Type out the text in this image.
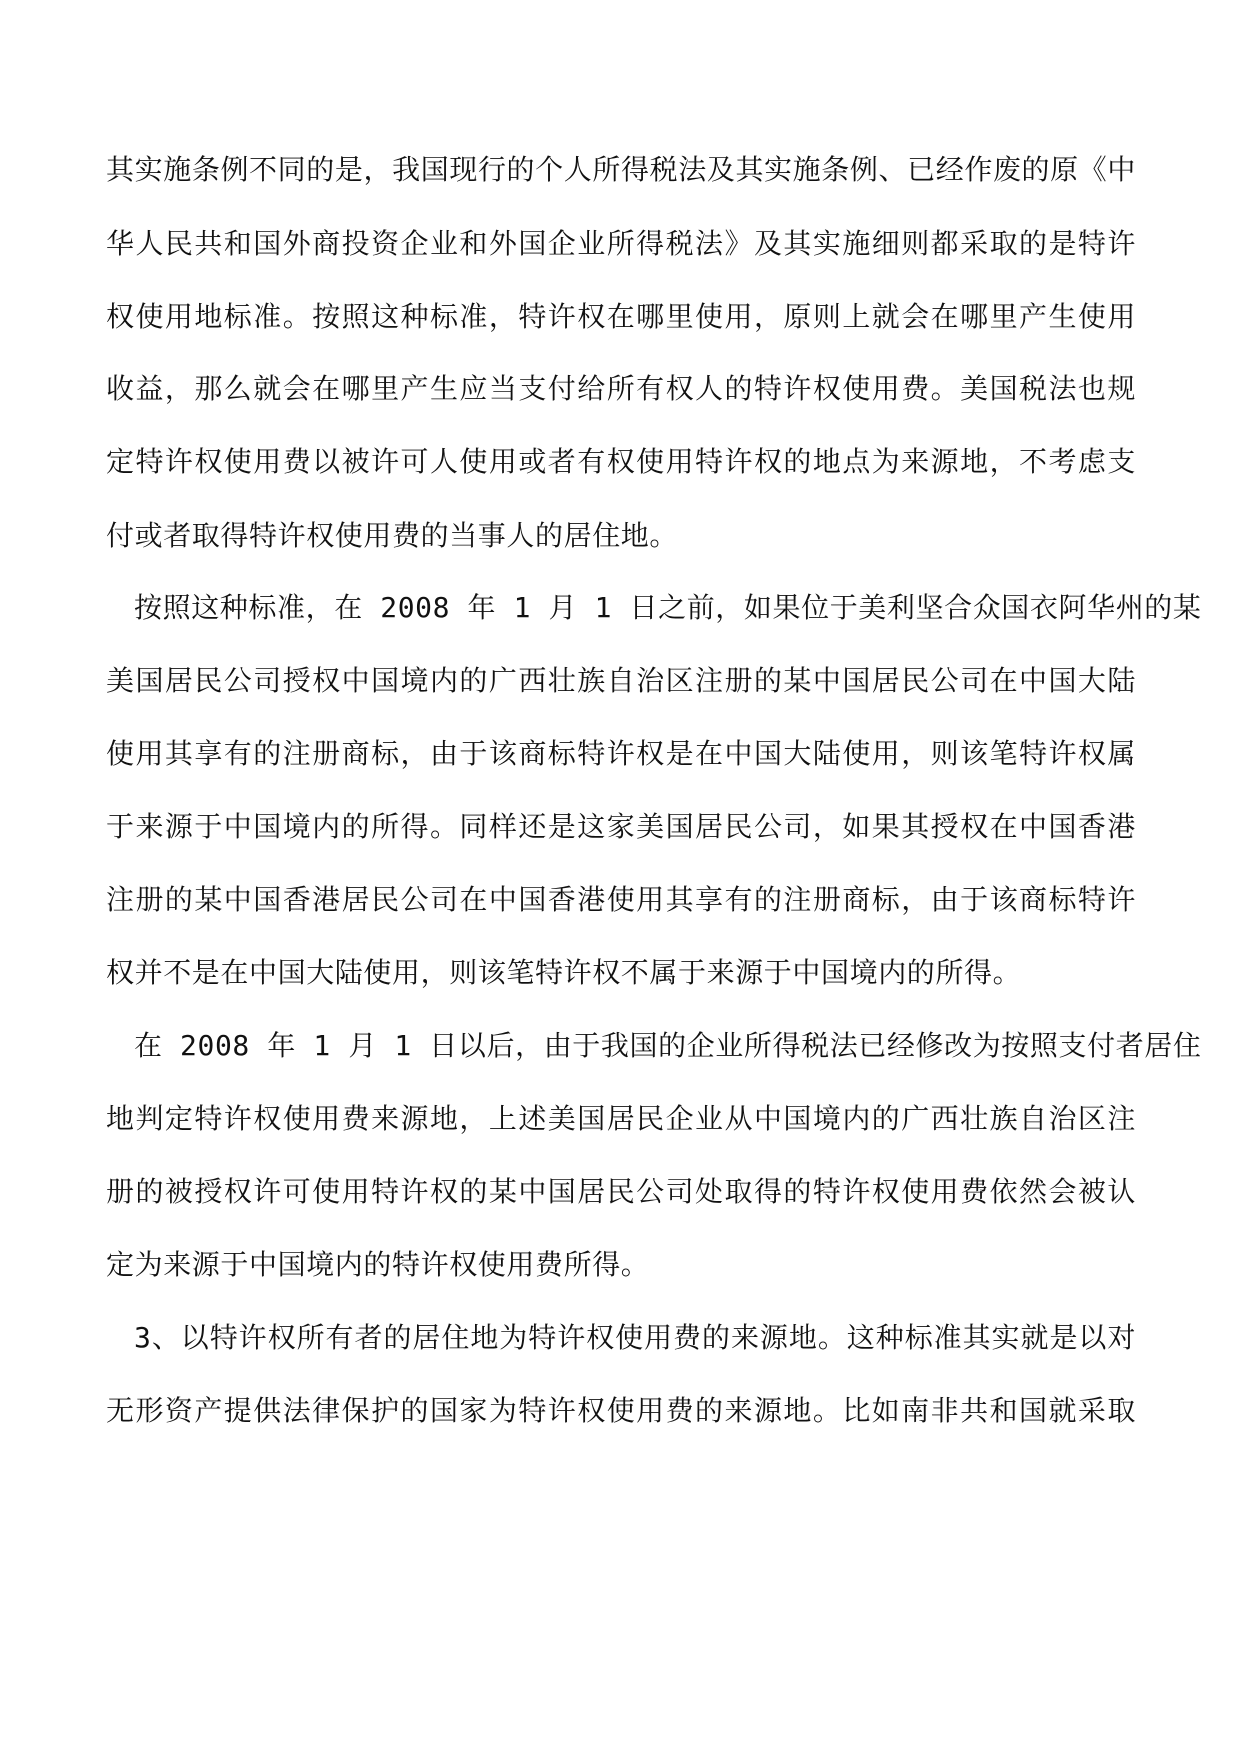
其实施条例不同的是，我国现行的个人所得税法及其实施条例、已经作废的原《中
华人民共和国外商投资企业和外国企业所得税法》及其实施细则都采取的是特许
权使用地标准。按照这种标准，特许权在哪里使用，原则上就会在哪里产生使用
收益，那么就会在哪里产生应当支付给所有权人的特许权使用费。美国税法也规
定特许权使用费以被许可人使用或者有权使用特许权的地点为来源地，不考虑支
付或者取得特许权使用费的当事人的居住地。
按照这种标准，在 2008 年 1 月 1 日之前，如果位于美利坚合众国衣阿华州的某
美国居民公司授权中国境内的广西壮族自治区注册的某中国居民公司在中国大陆
使用其享有的注册商标，由于该商标特许权是在中国大陆使用，则该笔特许权属
于来源于中国境内的所得。同样还是这家美国居民公司，如果其授权在中国香港
注册的某中国香港居民公司在中国香港使用其享有的注册商标，由于该商标特许
权并不是在中国大陆使用，则该笔特许权不属于来源于中国境内的所得。
在 2008 年 1 月 1 日以后，由于我国的企业所得税法已经修改为按照支付者居住
地判定特许权使用费来源地，上述美国居民企业从中国境内的广西壮族自治区注
册的被授权许可使用特许权的某中国居民公司处取得的特许权使用费依然会被认
定为来源于中国境内的特许权使用费所得。
3、以特许权所有者的居住地为特许权使用费的来源地。这种标准其实就是以对
无形资产提供法律保护的国家为特许权使用费的来源地。比如南非共和国就采取
